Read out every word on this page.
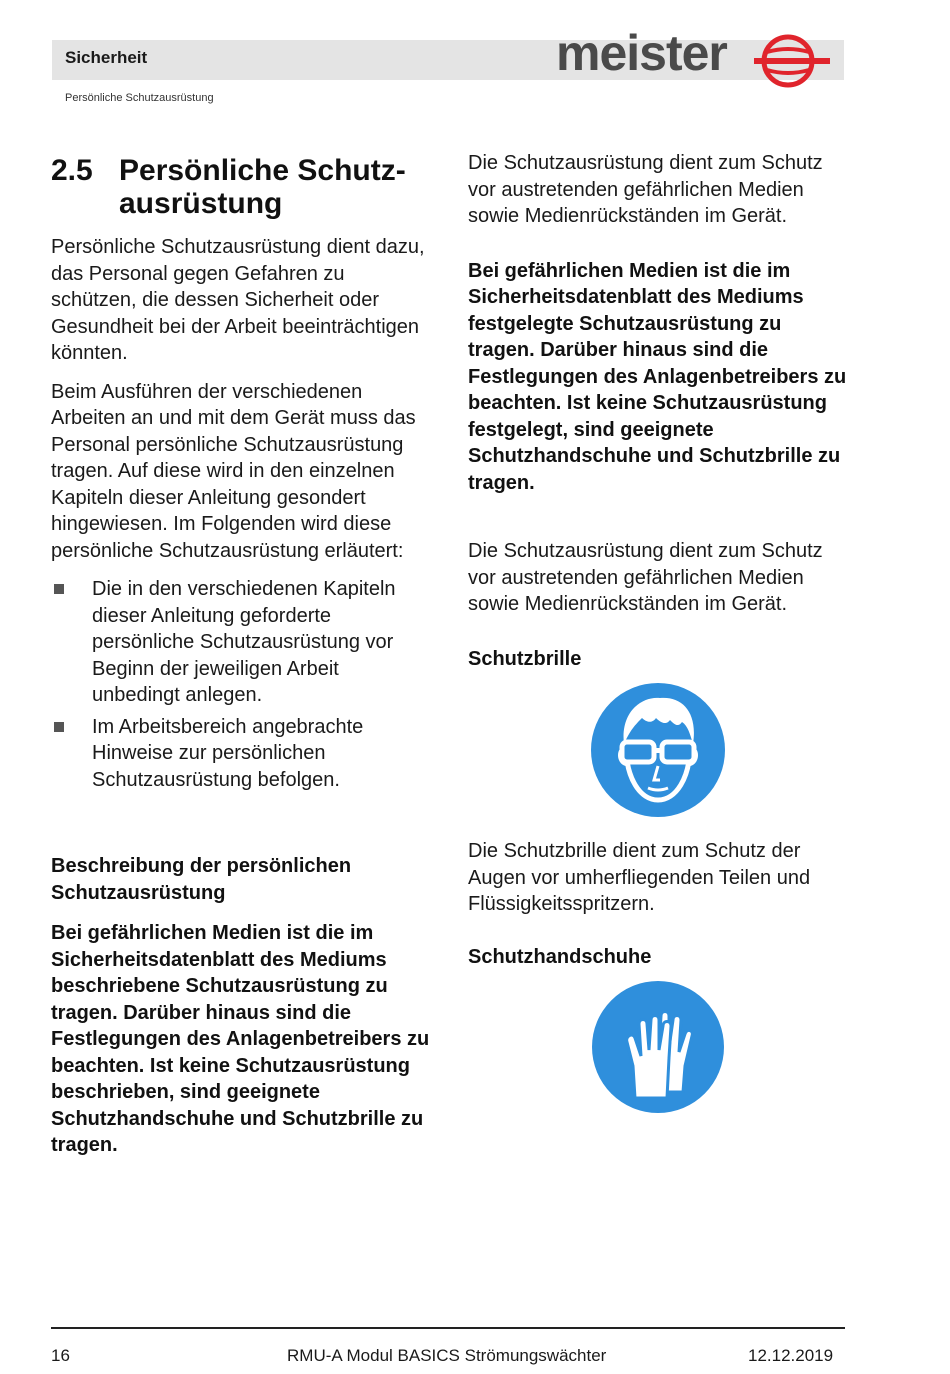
Sicherheit
Persönliche Schutzausrüstung
meister
2.5 Persönliche Schutz-
ausrüstung

Persönliche Schutzausrüstung dient dazu, das Personal gegen Gefahren zu schützen, die dessen Sicherheit oder Gesundheit bei der Arbeit beeinträchtigen könnten.

Beim Ausführen der verschiedenen Arbeiten an und mit dem Gerät muss das Personal persönliche Schutzausrüstung tragen. Auf diese wird in den einzelnen Kapiteln dieser Anleitung gesondert hingewiesen. Im Folgenden wird diese persönliche Schutzausrüstung erläutert:

Die in den verschiedenen Kapiteln dieser Anleitung geforderte persönliche Schutzausrüstung vor Beginn der jeweiligen Arbeit unbedingt anlegen.
Im Arbeitsbereich angebrachte Hinweise zur persönlichen Schutzausrüstung befolgen.
Beschreibung der persönlichen Schutzausrüstung

Bei gefährlichen Medien ist die im Sicherheitsdatenblatt des Mediums beschriebene Schutzausrüstung zu tragen. Darüber hinaus sind die Festlegungen des Anlagenbetreibers zu beachten. Ist keine Schutzausrüstung beschrieben, sind geeignete Schutzhandschuhe und Schutzbrille zu tragen.

Die Schutzausrüstung dient zum Schutz vor austretenden gefährlichen Medien sowie Medienrückständen im Gerät.

Bei gefährlichen Medien ist die im Sicherheitsdatenblatt des Mediums festgelegte Schutzausrüstung zu tragen. Darüber hinaus sind die Festlegungen des Anlagenbetreibers zu beachten. Ist keine Schutzausrüstung festgelegt, sind geeignete Schutzhandschuhe und Schutzbrille zu tragen.

Die Schutzausrüstung dient zum Schutz vor austretenden gefährlichen Medien sowie Medienrückständen im Gerät.

Schutzbrille

Die Schutzbrille dient zum Schutz der Augen vor umherfliegenden Teilen und Flüssigkeitsspritzern.

Schutzhandschuhe
16	RMU-A Modul BASICS Strömungswächter	12.12.2019
